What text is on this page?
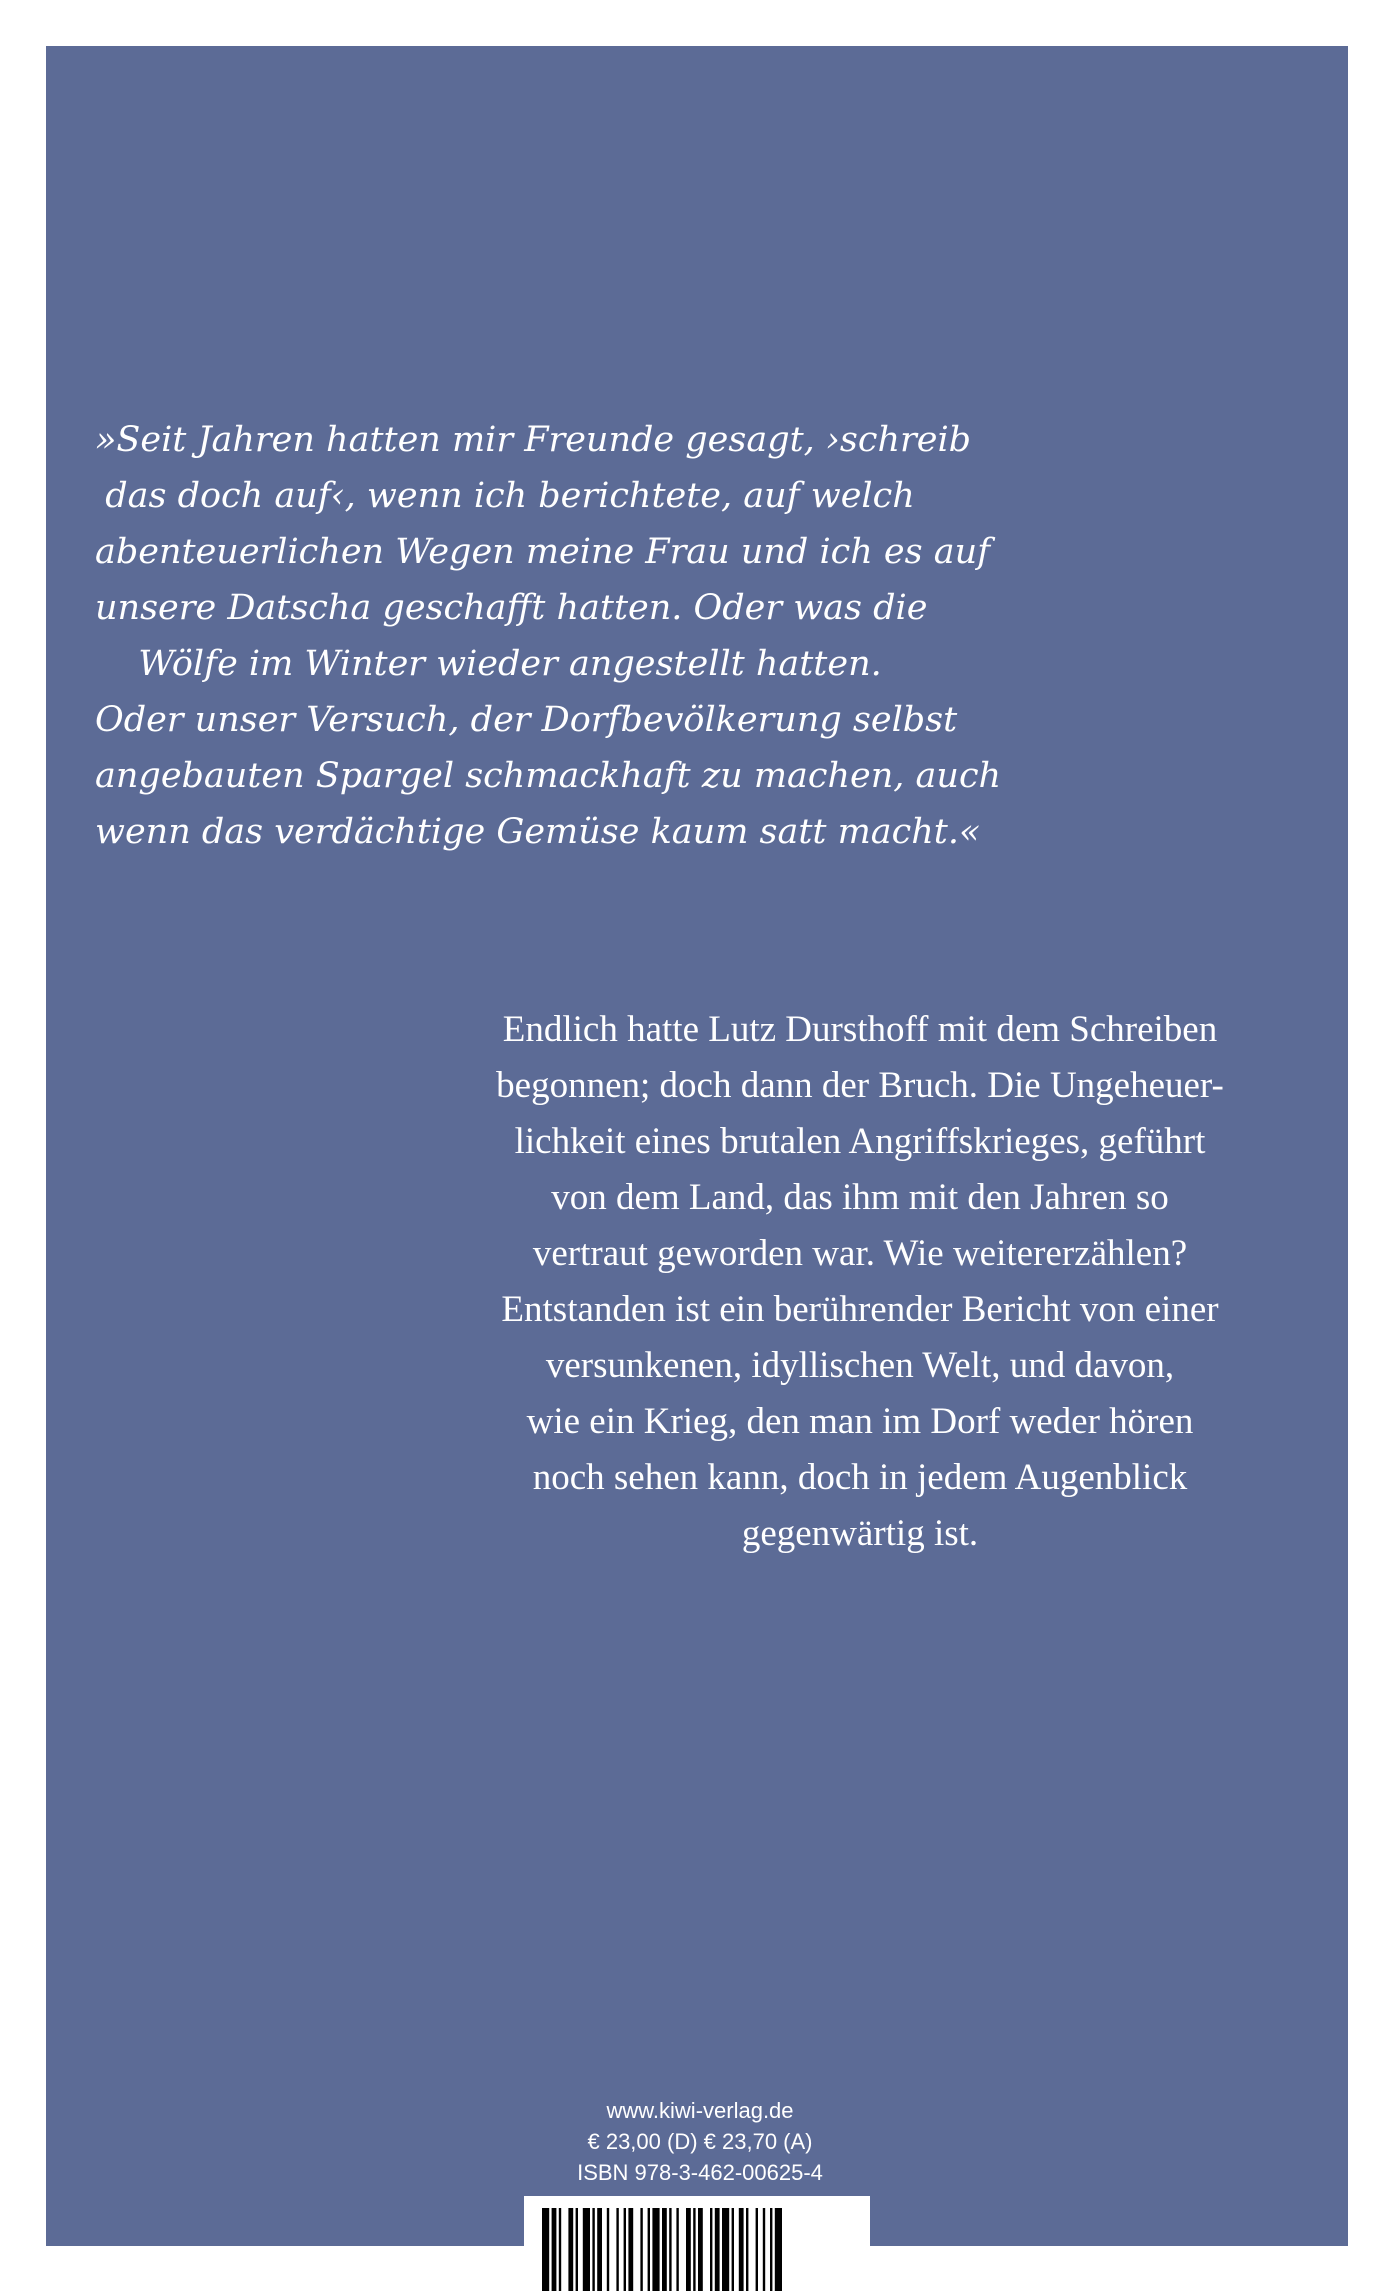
»Seit Jahren hatten mir Freunde gesagt, ›schreib
das doch auf‹, wenn ich berichtete, auf welch
abenteuerlichen Wegen meine Frau und ich es auf
unsere Datscha geschafft hatten. Oder was die
Wölfe im Winter wieder angestellt hatten.
Oder unser Versuch, der Dorfbevölkerung selbst
angebauten Spargel schmackhaft zu machen, auch
wenn das verdächtige Gemüse kaum satt macht.«
Endlich hatte Lutz Dursthoff mit dem Schreiben
begonnen; doch dann der Bruch. Die Ungeheuer-
lichkeit eines brutalen Angriffskrieges, geführt
von dem Land, das ihm mit den Jahren so
vertraut geworden war. Wie weitererzählen?
Entstanden ist ein berührender Bericht von einer
versunkenen, idyllischen Welt, und davon,
wie ein Krieg, den man im Dorf weder hören
noch sehen kann, doch in jedem Augenblick
gegenwärtig ist.
www.kiwi-verlag.de
€ 23,00 (D) € 23,70 (A)
ISBN 978-3-462-00625-4
